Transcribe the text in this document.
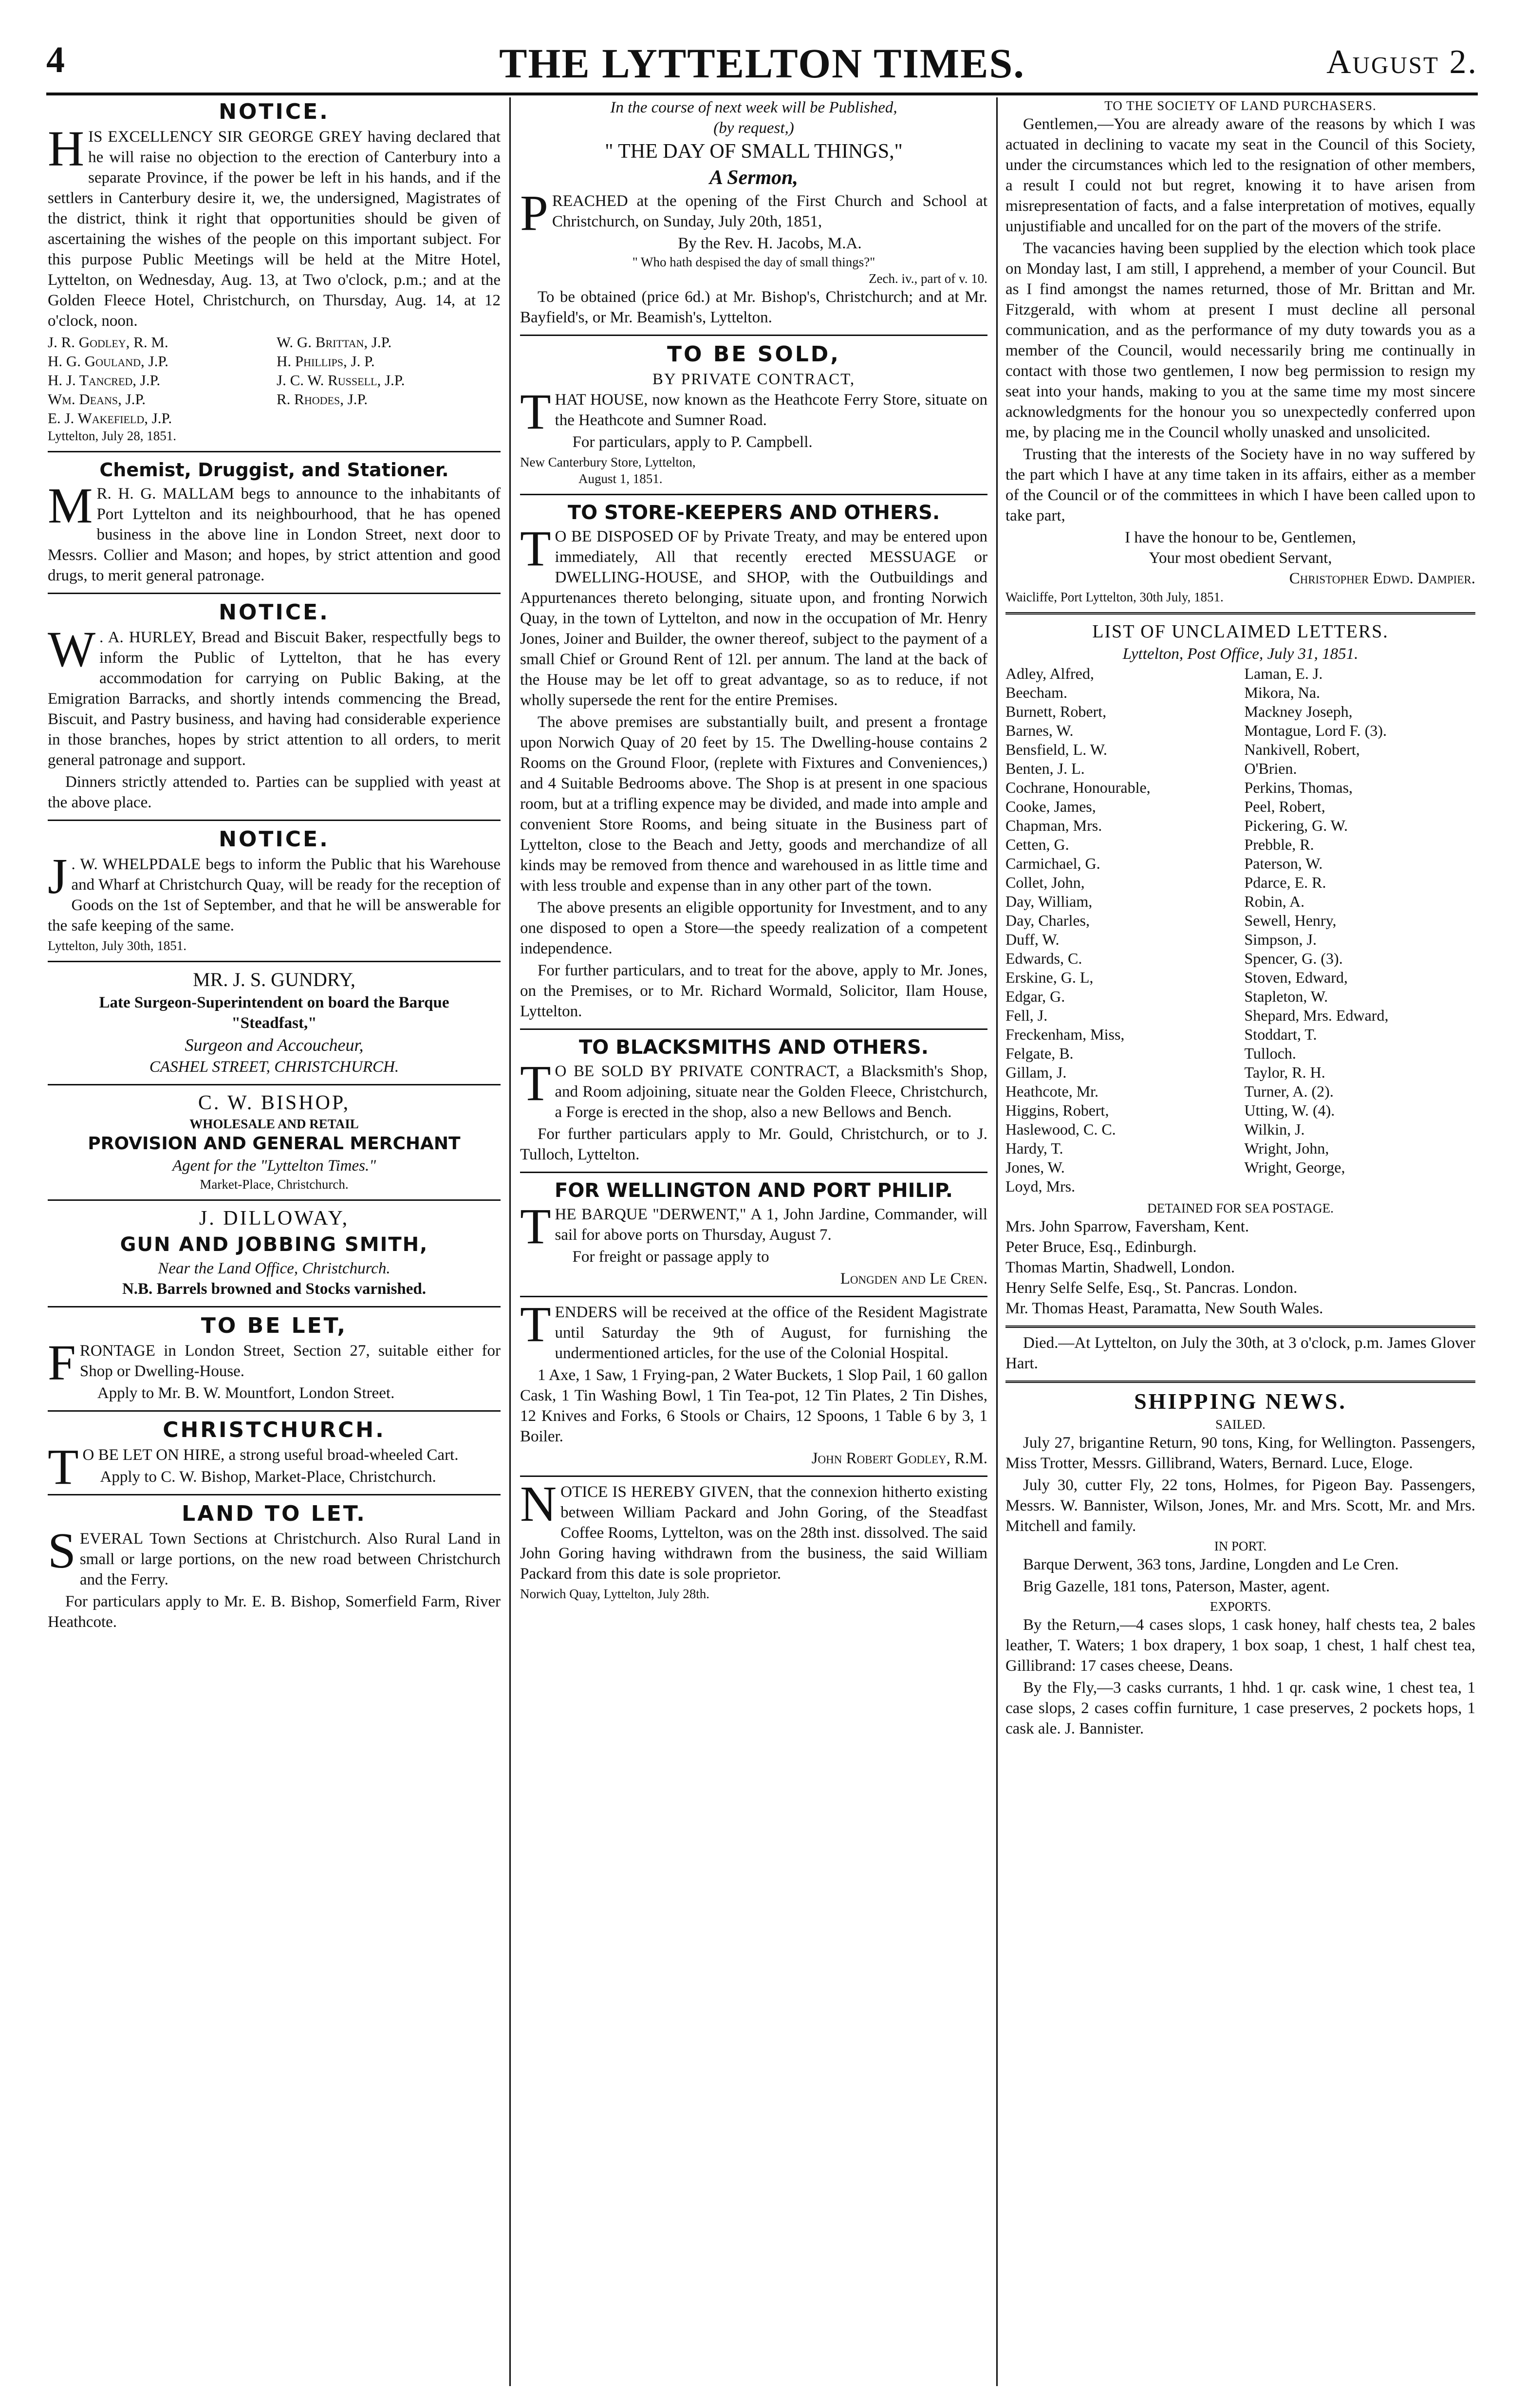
4	THE LYTTELTON TIMES.	August 2.
NOTICE.

HIS EXCELLENCY SIR GEORGE GREY having declared that he will raise no objection to the erection of Canterbury into a separate Province, if the power be left in his hands, and if the settlers in Canterbury desire it, we, the undersigned, Magistrates of the district, think it right that opportunities should be given of ascertaining the wishes of the people on this important subject. For this purpose Public Meetings will be held at the Mitre Hotel, Lyttelton, on Wednesday, Aug. 13, at Two o'clock, p.m.; and at the Golden Fleece Hotel, Christchurch, on Thursday, Aug. 14, at 12 o'clock, noon.

J. R. Godley, R. M.	W. G. Brittan, J.P.
H. G. Gouland, J.P.	H. Phillips, J. P.
H. J. Tancred, J.P.	J. C. W. Russell, J.P.
Wm. Deans, J.P.	R. Rhodes, J.P.
E. J. Wakefield, J.P.
Lyttelton, July 28, 1851.
Chemist, Druggist, and Stationer.

M R. H. G. MALLAM begs to announce to the inhabitants of Port Lyttelton and its neighbourhood, that he has opened business in the above line in London Street, next door to Messrs. Collier and Mason; and hopes, by strict attention and good drugs, to merit general patronage.

NOTICE.

W . A. HURLEY, Bread and Biscuit Baker, respectfully begs to inform the Public of Lyttelton, that he has every accommodation for carrying on Public Baking, at the Emigration Barracks, and shortly intends commencing the Bread, Biscuit, and Pastry business, and having had considerable experience in those branches, hopes by strict attention to all orders, to merit general patronage and support.

Dinners strictly attended to. Parties can be supplied with yeast at the above place.

NOTICE.

J . W. WHELPDALE begs to inform the Public that his Warehouse and Wharf at Christchurch Quay, will be ready for the reception of Goods on the 1st of September, and that he will be answerable for the safe keeping of the same.

Lyttelton, July 30th, 1851.
MR. J. S. GUNDRY,
Late Surgeon-Superintendent on board the Barque
"Steadfast,"
Surgeon and Accoucheur,
CASHEL STREET, CHRISTCHURCH.
C. W. BISHOP,
WHOLESALE AND RETAIL
PROVISION AND GENERAL MERCHANT
Agent for the "Lyttelton Times."
Market-Place, Christchurch.
J. DILLOWAY,
GUN AND JOBBING SMITH,
Near the Land Office, Christchurch.
N.B. Barrels browned and Stocks varnished.
TO BE LET,

FRONTAGE in London Street, Section 27, suitable either for Shop or Dwelling-House.

Apply to Mr. B. W. Mountfort, London Street.

CHRISTCHURCH.

T O BE LET ON HIRE, a strong useful broad-wheeled Cart.

Apply to C. W. Bishop, Market-Place, Christchurch.

LAND TO LET.

SEVERAL Town Sections at Christchurch. Also Rural Land in small or large portions, on the new road between Christchurch and the Ferry.

For particulars apply to Mr. E. B. Bishop, Somerfield Farm, River Heathcote.

In the course of next week will be Published,
(by request,)
" THE DAY OF SMALL THINGS,"
A Sermon,

PREACHED at the opening of the First Church and School at Christchurch, on Sunday, July 20th, 1851,

By the Rev. H. Jacobs, M.A.
" Who hath despised the day of small things?"
Zech. iv., part of v. 10.

To be obtained (price 6d.) at Mr. Bishop's, Christchurch; and at Mr. Bayfield's, or Mr. Beamish's, Lyttelton.

TO BE SOLD,
BY PRIVATE CONTRACT,

THAT HOUSE, now known as the Heathcote Ferry Store, situate on the Heathcote and Sumner Road.

For particulars, apply to P. Campbell.

New Canterbury Store, Lyttelton,
August 1, 1851.
TO STORE-KEEPERS AND OTHERS.

T O BE DISPOSED OF by Private Treaty, and may be entered upon immediately, All that recently erected MESSUAGE or DWELLING-HOUSE, and SHOP, with the Outbuildings and Appurtenances thereto belonging, situate upon, and fronting Norwich Quay, in the town of Lyttelton, and now in the occupation of Mr. Henry Jones, Joiner and Builder, the owner thereof, subject to the payment of a small Chief or Ground Rent of 12l. per annum. The land at the back of the House may be let off to great advantage, so as to reduce, if not wholly supersede the rent for the entire Premises.

The above premises are substantially built, and present a frontage upon Norwich Quay of 20 feet by 15. The Dwelling-house contains 2 Rooms on the Ground Floor, (replete with Fixtures and Conveniences,) and 4 Suitable Bedrooms above. The Shop is at present in one spacious room, but at a trifling expence may be divided, and made into ample and convenient Store Rooms, and being situate in the Business part of Lyttelton, close to the Beach and Jetty, goods and merchandize of all kinds may be removed from thence and warehoused in as little time and with less trouble and expense than in any other part of the town.

The above presents an eligible opportunity for Investment, and to any one disposed to open a Store—the speedy realization of a competent independence.

For further particulars, and to treat for the above, apply to Mr. Jones, on the Premises, or to Mr. Richard Wormald, Solicitor, Ilam House, Lyttelton.

TO BLACKSMITHS AND OTHERS.

T O BE SOLD BY PRIVATE CONTRACT, a Blacksmith's Shop, and Room adjoining, situate near the Golden Fleece, Christchurch, a Forge is erected in the shop, also a new Bellows and Bench.

For further particulars apply to Mr. Gould, Christchurch, or to J. Tulloch, Lyttelton.

FOR WELLINGTON AND PORT PHILIP.

THE BARQUE "DERWENT," A 1, John Jardine, Commander, will sail for above ports on Thursday, August 7.

For freight or passage apply to

Longden and Le Cren.

TENDERS will be received at the office of the Resident Magistrate until Saturday the 9th of August, for furnishing the undermentioned articles, for the use of the Colonial Hospital.

1 Axe, 1 Saw, 1 Frying-pan, 2 Water Buckets, 1 Slop Pail, 1 60 gallon Cask, 1 Tin Washing Bowl, 1 Tin Tea-pot, 12 Tin Plates, 2 Tin Dishes, 12 Knives and Forks, 6 Stools or Chairs, 12 Spoons, 1 Table 6 by 3, 1 Boiler.

John Robert Godley, R.M.

NOTICE IS HEREBY GIVEN, that the connexion hitherto existing between William Packard and John Goring, of the Steadfast Coffee Rooms, Lyttelton, was on the 28th inst. dissolved. The said John Goring having withdrawn from the business, the said William Packard from this date is sole proprietor.

Norwich Quay, Lyttelton, July 28th.
TO THE SOCIETY OF LAND PURCHASERS.

Gentlemen,—You are already aware of the reasons by which I was actuated in declining to vacate my seat in the Council of this Society, under the circumstances which led to the resignation of other members, a result I could not but regret, knowing it to have arisen from misrepresentation of facts, and a false interpretation of motives, equally unjustifiable and uncalled for on the part of the movers of the strife.

The vacancies having been supplied by the election which took place on Monday last, I am still, I apprehend, a member of your Council. But as I find amongst the names returned, those of Mr. Brittan and Mr. Fitzgerald, with whom at present I must decline all personal communication, and as the performance of my duty towards you as a member of the Council, would necessarily bring me continually in contact with those two gentlemen, I now beg permission to resign my seat into your hands, making to you at the same time my most sincere acknowledgments for the honour you so unexpectedly conferred upon me, by placing me in the Council wholly unasked and unsolicited.

Trusting that the interests of the Society have in no way suffered by the part which I have at any time taken in its affairs, either as a member of the Council or of the committees in which I have been called upon to take part,

I have the honour to be, Gentlemen,
Your most obedient Servant,
Christopher Edwd. Dampier.
Waicliffe, Port Lyttelton, 30th July, 1851.
LIST OF UNCLAIMED LETTERS.
Lyttelton, Post Office, July 31, 1851.
Adley, Alfred,	Laman, E. J.
Beecham.	Mikora, Na.
Burnett, Robert,	Mackney Joseph,
Barnes, W.	Montague, Lord F. (3).
Bensfield, L. W.	Nankivell, Robert,
Benten, J. L.	O'Brien.
Cochrane, Honourable,	Perkins, Thomas,
Cooke, James,	Peel, Robert,
Chapman, Mrs.	Pickering, G. W.
Cetten, G.	Prebble, R.
Carmichael, G.	Paterson, W.
Collet, John,	Pdarce, E. R.
Day, William,	Robin, A.
Day, Charles,	Sewell, Henry,
Duff, W.	Simpson, J.
Edwards, C.	Spencer, G. (3).
Erskine, G. L,	Stoven, Edward,
Edgar, G.	Stapleton, W.
Fell, J.	Shepard, Mrs. Edward,
Freckenham, Miss,	Stoddart, T.
Felgate, B.	Tulloch.
Gillam, J.	Taylor, R. H.
Heathcote, Mr.	Turner, A. (2).
Higgins, Robert,	Utting, W. (4).
Haslewood, C. C.	Wilkin, J.
Hardy, T.	Wright, John,
Jones, W.	Wright, George,
Loyd, Mrs.
DETAINED FOR SEA POSTAGE.
Mrs. John Sparrow, Faversham, Kent.
Peter Bruce, Esq., Edinburgh.
Thomas Martin, Shadwell, London.
Henry Selfe Selfe, Esq., St. Pancras. London.
Mr. Thomas Heast, Paramatta, New South Wales.

Died.—At Lyttelton, on July the 30th, at 3 o'clock, p.m. James Glover Hart.

SHIPPING NEWS.
SAILED.

July 27, brigantine Return, 90 tons, King, for Wellington. Passengers, Miss Trotter, Messrs. Gillibrand, Waters, Bernard. Luce, Eloge.

July 30, cutter Fly, 22 tons, Holmes, for Pigeon Bay. Passengers, Messrs. W. Bannister, Wilson, Jones, Mr. and Mrs. Scott, Mr. and Mrs. Mitchell and family.

IN PORT.

Barque Derwent, 363 tons, Jardine, Longden and Le Cren.

Brig Gazelle, 181 tons, Paterson, Master, agent.

EXPORTS.

By the Return,—4 cases slops, 1 cask honey, half chests tea, 2 bales leather, T. Waters; 1 box drapery, 1 box soap, 1 chest, 1 half chest tea, Gillibrand: 17 cases cheese, Deans.

By the Fly,—3 casks currants, 1 hhd. 1 qr. cask wine, 1 chest tea, 1 case slops, 2 cases coffin furniture, 1 case preserves, 2 pockets hops, 1 cask ale. J. Bannister.
